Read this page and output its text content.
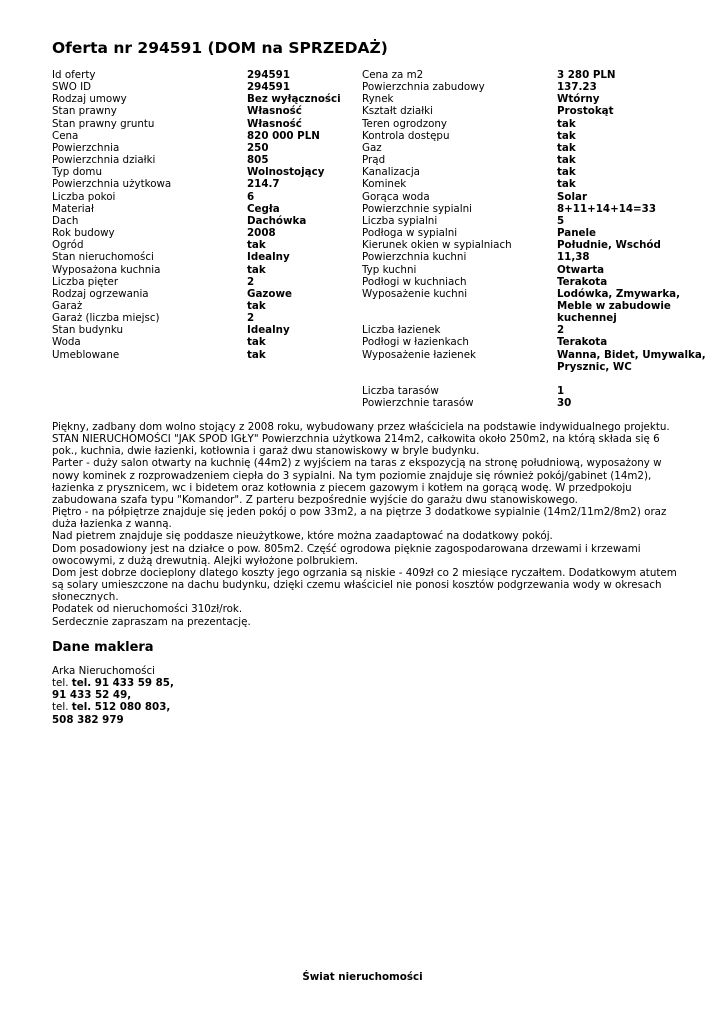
Oferta nr 294591 (DOM na SPRZEDAŻ)
Id oferty	294591
SWO ID	294591
Rodzaj umowy	Bez wyłączności
Stan prawny	Własność
Stan prawny gruntu	Własność
Cena	820 000 PLN
Powierzchnia	250
Powierzchnia działki	805
Typ domu	Wolnostojący
Powierzchnia użytkowa	214.7
Liczba pokoi	6
Materiał	Cegła
Dach	Dachówka
Rok budowy	2008
Ogród	tak
Stan nieruchomości	Idealny
Wyposażona kuchnia	tak
Liczba pięter	2
Rodzaj ogrzewania	Gazowe
Garaż	tak
Garaż (liczba miejsc)	2
Stan budynku	Idealny
Woda	tak
Umeblowane	tak
Cena za m2	3 280 PLN
Powierzchnia zabudowy	137.23
Rynek	Wtórny
Kształt działki	Prostokąt
Teren ogrodzony	tak
Kontrola dostępu	tak
Gaz	tak
Prąd	tak
Kanalizacja	tak
Kominek	tak
Gorąca woda	Solar
Powierzchnie sypialni	8+11+14+14=33
Liczba sypialni	5
Podłoga w sypialni	Panele
Kierunek okien w sypialniach	Południe, Wschód
Powierzchnia kuchni	11,38
Typ kuchni	Otwarta
Podłogi w kuchniach	Terakota
Wyposażenie kuchni	Lodówka, Zmywarka, Meble w zabudowie kuchennej
Liczba łazienek	2
Podłogi w łazienkach	Terakota
Wyposażenie łazienek	Wanna, Bidet, Umywalka, Prysznic, WC
Liczba tarasów	1
Powierzchnie tarasów	30

Piękny, zadbany dom wolno stojący z 2008 roku, wybudowany przez właściciela na podstawie indywidualnego projektu. STAN NIERUCHOMOŚCI "JAK SPOD IGŁY" Powierzchnia użytkowa 214m2, całkowita około 250m2, na którą składa się 6 pok., kuchnia, dwie łazienki, kotłownia i garaż dwu stanowiskowy w bryle budynku.

Parter - duży salon otwarty na kuchnię (44m2) z wyjściem na taras z ekspozycją na stronę południową, wyposażony w nowy kominek z rozprowadzeniem ciepła do 3 sypialni. Na tym poziomie znajduje się również pokój/gabinet (14m2), łazienka z prysznicem, wc i bidetem oraz kotłownia z piecem gazowym i kotłem na gorącą wodę. W przedpokoju zabudowana szafa typu "Komandor". Z parteru bezpośrednie wyjście do garażu dwu stanowiskowego.

Piętro - na półpiętrze znajduje się jeden pokój o pow 33m2, a na piętrze 3 dodatkowe sypialnie (14m2/11m2/8m2) oraz duża łazienka z wanną.

Nad pietrem znajduje się poddasze nieużytkowe, które można zaadaptować na dodatkowy pokój.

Dom posadowiony jest na działce o pow. 805m2. Część ogrodowa pięknie zagospodarowana drzewami i krzewami owocowymi, z dużą drewutnią. Alejki wyłożone polbrukiem.

Dom jest dobrze docieplony dlatego koszty jego ogrzania są niskie - 409zł co 2 miesiące ryczałtem. Dodatkowym atutem są solary umieszczone na dachu budynku, dzięki czemu właściciel nie ponosi kosztów podgrzewania wody w okresach słonecznych.

Podatek od nieruchomości 310zł/rok.

Serdecznie zapraszam na prezentację.

Dane maklera
Arka Nieruchomości
tel. tel. 91 433 59 85,
91 433 52 49,
tel. tel. 512 080 803,
508 382 979
Świat nieruchomości
